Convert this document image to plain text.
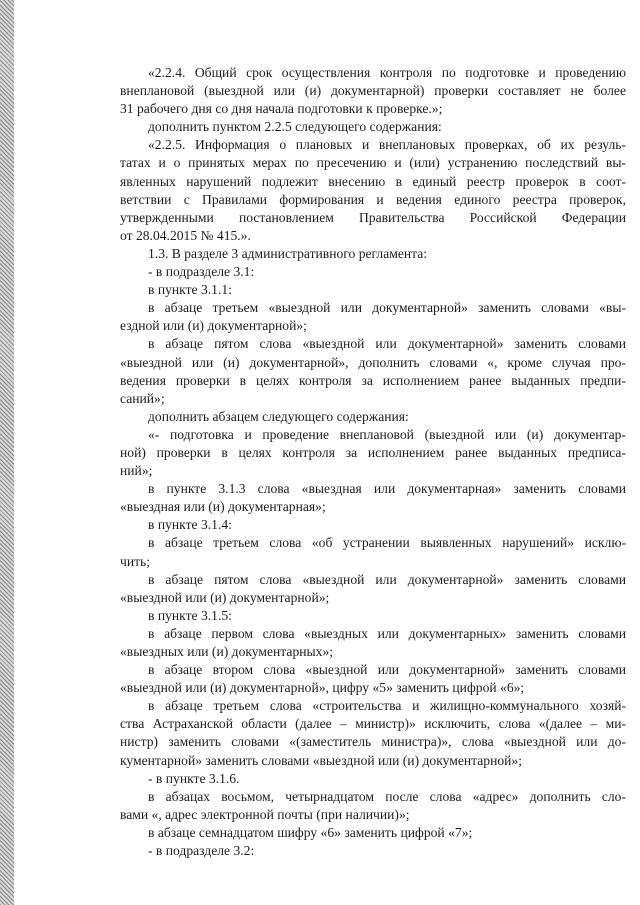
«2.2.4. Общий срок осуществления контроля по подготовке и проведению
внеплановой (выездной или (и) документарной) проверки составляет не более
31 рабочего дня со дня начала подготовки к проверке.»;
дополнить пунктом 2.2.5 следующего содержания:
«2.2.5. Информация о плановых и внеплановых проверках, об их резуль-
татах и о принятых мерах по пресечению и (или) устранению последствий вы-
явленных нарушений подлежит внесению в единый реестр проверок в соот-
ветствии с Правилами формирования и ведения единого реестра проверок,
утвержденными постановлением Правительства Российской Федерации
от 28.04.2015 № 415.».
1.3. В разделе 3 административного регламента:
- в подразделе 3.1:
в пункте 3.1.1:
в абзаце третьем «выездной или документарной» заменить словами «вы-
ездной или (и) документарной»;
в абзаце пятом слова «выездной или документарной» заменить словами
«выездной или (и) документарной», дополнить словами «, кроме случая про-
ведения проверки в целях контроля за исполнением ранее выданных предпи-
саний»;
дополнить абзацем следующего содержания:
«- подготовка и проведение внеплановой (выездной или (и) документар-
ной) проверки в целях контроля за исполнением ранее выданных предписа-
ний»;
в пункте 3.1.3 слова «выездная или документарная» заменить словами
«выездная или (и) документарная»;
в пункте 3.1.4:
в абзаце третьем слова «об устранении выявленных нарушений» исклю-
чить;
в абзаце пятом слова «выездной или документарной» заменить словами
«выездной или (и) документарной»;
в пункте 3.1.5:
в абзаце первом слова «выездных или документарных» заменить словами
«выездных или (и) документарных»;
в абзаце втором слова «выездной или документарной» заменить словами
«выездной или (и) документарной», цифру «5» заменить цифрой «6»;
в абзаце третьем слова «строительства и жилищно-коммунального хозяй-
ства Астраханской области (далее – министр)» исключить, слова «(далее – ми-
нистр) заменить словами «(заместитель министра)», слова «выездной или до-
кументарной» заменить словами «выездной или (и) документарной»;
- в пункте 3.1.6.
в абзацах восьмом, четырнадцатом после слова «адрес» дополнить сло-
вами «, адрес электронной почты (при наличии)»;
в абзаце семнадцатом шифру «6» заменить цифрой «7»;
- в подразделе 3.2:
